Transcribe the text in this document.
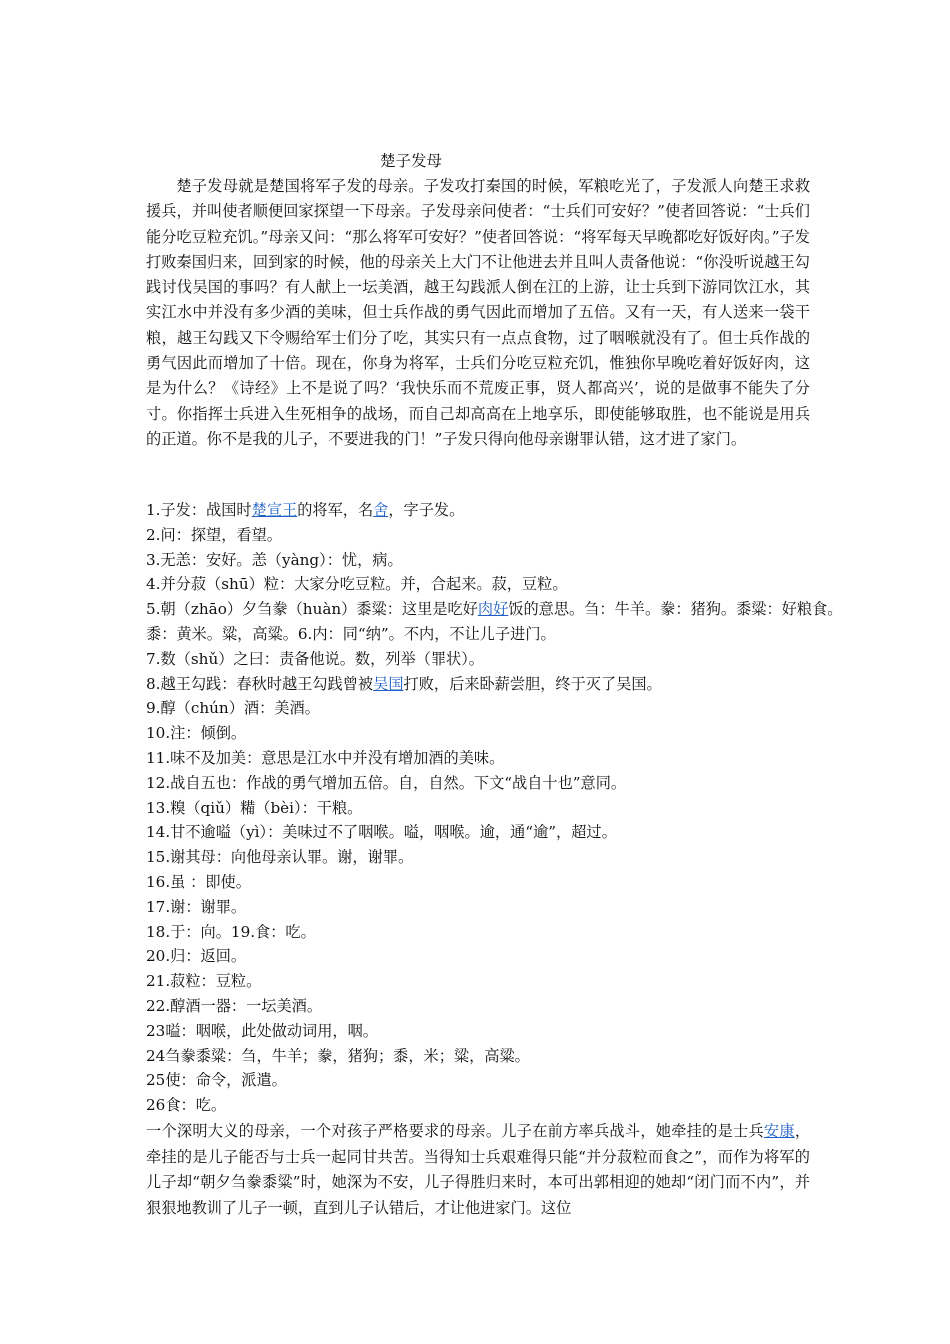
楚子发母
楚子发母就是楚国将军子发的母亲。子发攻打秦国的时候，军粮吃光了，子发派人向楚王求救援兵，并叫使者顺便回家探望一下母亲。子发母亲问使者：“士兵们可安好？”使者回答说：“士兵们能分吃豆粒充饥。”母亲又问：“那么将军可安好？”使者回答说：“将军每天早晚都吃好饭好肉。”子发打败秦国归来，回到家的时候，他的母亲关上大门不让他进去并且叫人责备他说：“你没听说越王勾践讨伐吴国的事吗？有人献上一坛美酒，越王勾践派人倒在江的上游，让士兵到下游同饮江水，其实江水中并没有多少酒的美味，但士兵作战的勇气因此而增加了五倍。又有一天，有人送来一袋干粮，越王勾践又下令赐给军士们分了吃，其实只有一点点食物，过了咽喉就没有了。但士兵作战的勇气因此而增加了十倍。现在，你身为将军，士兵们分吃豆粒充饥，惟独你早晚吃着好饭好肉，这是为什么？《诗经》上不是说了吗？‘我快乐而不荒废正事，贤人都高兴’，说的是做事不能失了分寸。你指挥士兵进入生死相争的战场，而自己却高高在上地享乐，即使能够取胜，也不能说是用兵的正道。你不是我的儿子，不要进我的门！”子发只得向他母亲谢罪认错，这才进了家门。
1.子发：战国时楚宣王的将军，名舍，字子发。
2.问：探望，看望。
3.无恙：安好。恙（yàng）：忧，病。
4.并分菽（shū）粒：大家分吃豆粒。并，合起来。菽，豆粒。
5.朝（zhāo）夕刍豢（huàn）黍粱：这里是吃好肉好饭的意思。刍：牛羊。豢：猪狗。黍粱：好粮食。
黍：黄米。粱，高粱。6.内：同“纳”。不内，不让儿子进门。
7.数（shǔ）之曰：责备他说。数，列举（罪状）。
8.越王勾践：春秋时越王勾践曾被吴国打败，后来卧薪尝胆，终于灭了吴国。
9.醇（chún）酒：美酒。
10.注：倾倒。
11.味不及加美：意思是江水中并没有增加酒的美味。
12.战自五也：作战的勇气增加五倍。自，自然。下文“战自十也”意同。
13.糗（qiǔ）糒（bèi）：干粮。
14.甘不逾嗌（yì）：美味过不了咽喉。嗌，咽喉。逾，通“逾”，超过。
15.谢其母：向他母亲认罪。谢，谢罪。
16.虽 ：即使。
17.谢：谢罪。
18.于：向。19.食：吃。
20.归：返回。
21.菽粒：豆粒。
22.醇酒一器：一坛美酒。
23嗌：咽喉，此处做动词用，咽。
24刍豢黍粱：刍，牛羊；豢，猪狗；黍，米；粱，高粱。
25使：命令，派遣。
26食：吃。
一个深明大义的母亲，一个对孩子严格要求的母亲。儿子在前方率兵战斗，她牵挂的是士兵安康，牵挂的是儿子能否与士兵一起同甘共苦。当得知士兵艰难得只能“并分菽粒而食之”，而作为将军的儿子却“朝夕刍豢黍粱”时，她深为不安，儿子得胜归来时，本可出郭相迎的她却“闭门而不内”，并狠狠地教训了儿子一顿，直到儿子认错后，才让他进家门。这位
